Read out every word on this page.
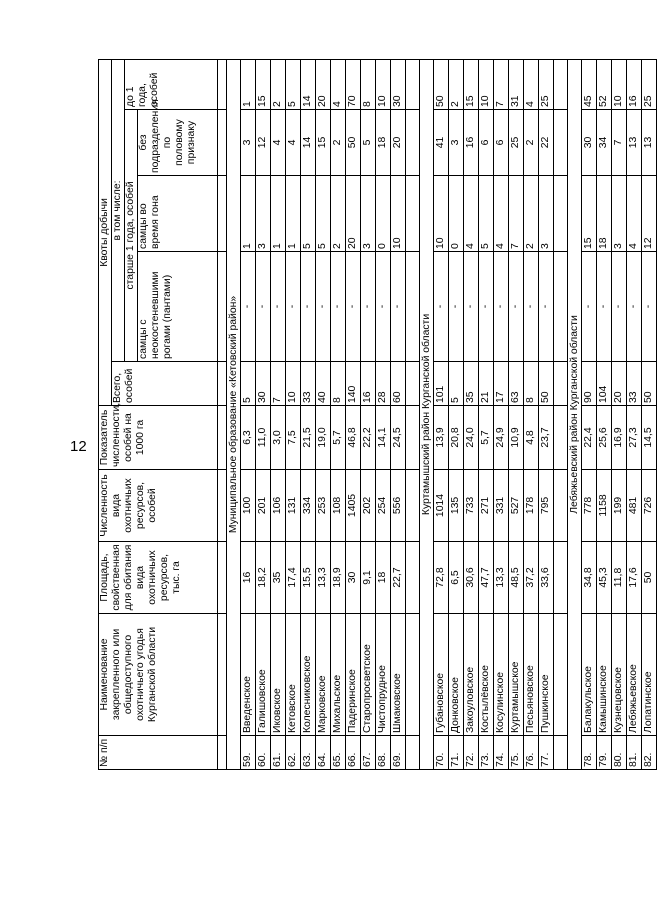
12
№ п/п	Наименование закрепленного или общедоступного охотничьего угодья Курганской области	Площадь, свойственная для обитания вида охотничьих ресурсов, тыс. га	Численность вида охотничьих ресурсов, особей	Показатель численности, особей на 1000 га	Квоты добычи				
					Всего, особей	в том числе:			
						старше 1 года, особей			до 1 года, особей
						самцы с неокостеневшими рогами (пантами)	самцы во время гона	без подразделения по половому признаку	

Муниципальное образование «Кетовский район»									
59.	Введенское	16	100	6,3	5	-	1	3	1
60.	Галишовское	18,2	201	11,0	30	-	3	12	15
61.	Иковское	35	106	3,0	7	-	1	4	2
62.	Кетовское	17,4	131	7,5	10	-	1	4	5
63.	Колесниковское	15,5	334	21,5	33	-	5	14	14
64.	Марковское	13,3	253	19,0	40	-	5	15	20
65.	Михальское	18,9	108	5,7	8	-	2	2	4
66.	Падеринское	30	1405	46,8	140	-	20	50	70
67.	Старопросветское	9,1	202	22,2	16	-	3	5	8
68.	Чистопрудное	18	254	14,1	28	-	0	18	10
69.	Шмаковское	22,7	556	24,5	60	-	10	20	30

Куртамышский район Курганской области									
70.	Губановское	72,8	1014	13,9	101	-	10	41	50
71.	Донковское	6,5	135	20,8	5	-	0	3	2
72.	Закоуловское	30,6	733	24,0	35	-	4	16	15
73.	Костылёвское	47,7	271	5,7	21	-	5	6	10
74.	Косулинское	13,3	331	24,9	17	-	4	6	7
75.	Куртамышское	48,5	527	10,9	63	-	7	25	31
76.	Песьяновское	37,2	178	4,8	8	-	2	2	4
77.	Пушкинское	33,6	795	23,7	50	-	3	22	25

Лебяжьевский район Курганской области									
78.	Балакульское	34,8	778	22,4	90	-	15	30	45
79.	Камышинское	45,3	1158	25,6	104	-	18	34	52
80.	Кузнецовское	11,8	199	16,9	20	-	3	7	10
81.	Лебяжьевское	17,6	481	27,3	33	-	4	13	16
82.	Лопатинское	50	726	14,5	50	-	12	13	25
